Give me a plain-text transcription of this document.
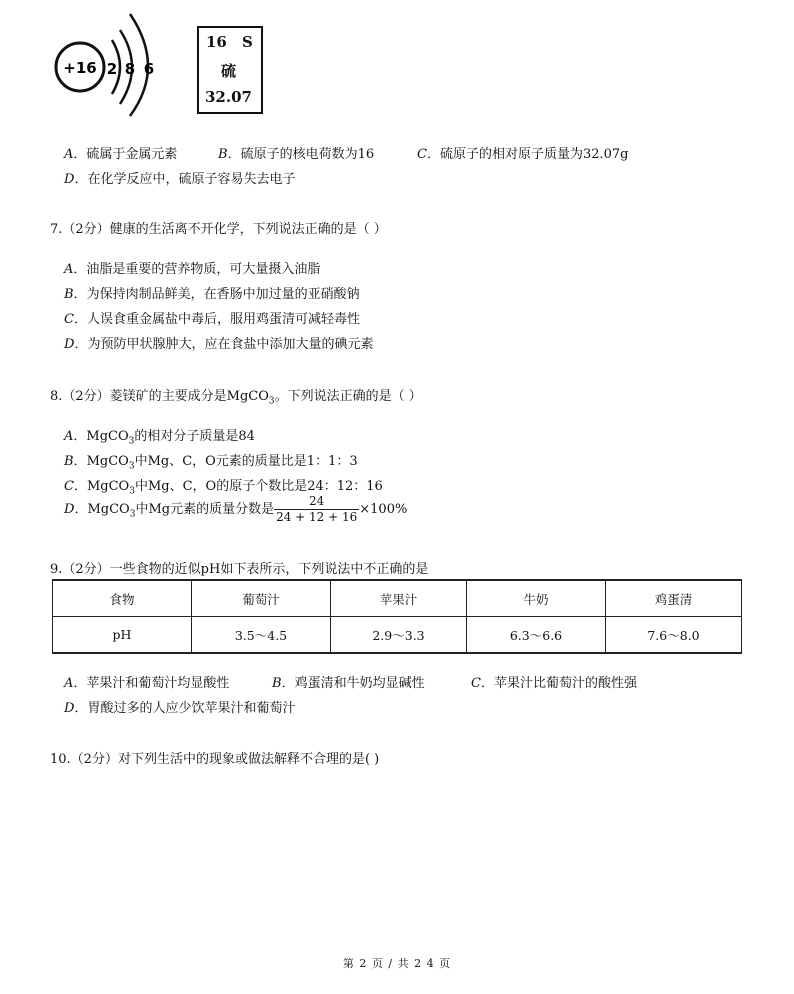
+16 2 8 6
16 S
硫
32.07
A．硫属于金属元素	B．硫原子的核电荷数为16	C．硫原子的相对原子质量为32.07g
D．在化学反应中，硫原子容易失去电子
7.（2分）健康的生活离不开化学，下列说法正确的是（ ）
A．油脂是重要的营养物质，可大量摄入油脂
B．为保持肉制品鲜美，在香肠中加过量的亚硝酸钠
C．人误食重金属盐中毒后，服用鸡蛋清可减轻毒性
D．为预防甲状腺肿大，应在食盐中添加大量的碘元素
8.（2分）菱镁矿的主要成分是MgCO$_3$。下列说法正确的是（ ）
A．MgCO$_3$的相对分子质量是84
B．MgCO$_3$中Mg、C，O元素的质量比是1：1：3
C．MgCO$_3$中Mg、C，O的原子个数比是24：12：16
D．MgCO$_3$中Mg元素的质量分数是 $\frac{24}{24 + 12 + 16} \times 100\%$
9.（2分）一些食物的近似pH如下表所示，下列说法中不正确的是
食物	葡萄汁	苹果汁	牛奶	鸡蛋清
pH	3.5～4.5	2.9～3.3	6.3～6.6	7.6～8.0
A．苹果汁和葡萄汁均显酸性	B．鸡蛋清和牛奶均显碱性	C．苹果汁比葡萄汁的酸性强
D．胃酸过多的人应少饮苹果汁和葡萄汁
10.（2分）对下列生活中的现象或做法解释不合理的是( )
第 2 页 / 共 2 4 页
